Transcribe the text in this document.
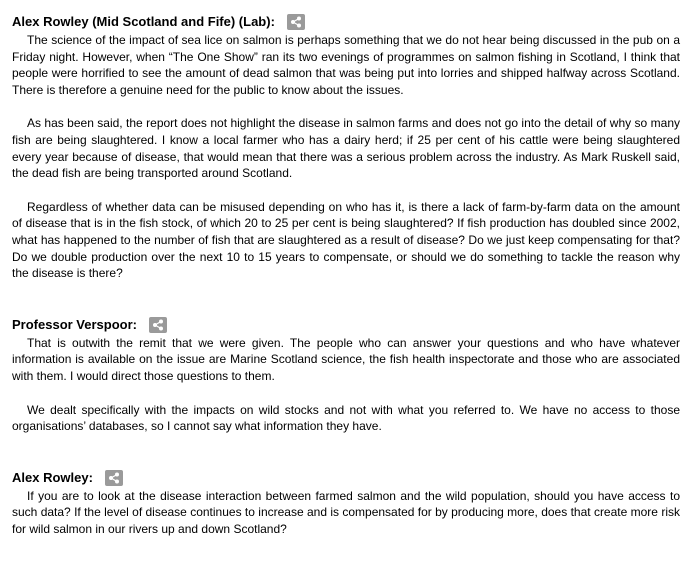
Alex Rowley (Mid Scotland and Fife) (Lab):

The science of the impact of sea lice on salmon is perhaps something that we do not hear being discussed in the pub on a Friday night. However, when “The One Show” ran its two evenings of programmes on salmon fishing in Scotland, I think that people were horrified to see the amount of dead salmon that was being put into lorries and shipped halfway across Scotland. There is therefore a genuine need for the public to know about the issues.

As has been said, the report does not highlight the disease in salmon farms and does not go into the detail of why so many fish are being slaughtered. I know a local farmer who has a dairy herd; if 25 per cent of his cattle were being slaughtered every year because of disease, that would mean that there was a serious problem across the industry. As Mark Ruskell said, the dead fish are being transported around Scotland.

Regardless of whether data can be misused depending on who has it, is there a lack of farm-by-farm data on the amount of disease that is in the fish stock, of which 20 to 25 per cent is being slaughtered? If fish production has doubled since 2002, what has happened to the number of fish that are slaughtered as a result of disease? Do we just keep compensating for that? Do we double production over the next 10 to 15 years to compensate, or should we do something to tackle the reason why the disease is there?

Professor Verspoor:

That is outwith the remit that we were given. The people who can answer your questions and who have whatever information is available on the issue are Marine Scotland science, the fish health inspectorate and those who are associated with them. I would direct those questions to them.

We dealt specifically with the impacts on wild stocks and not with what you referred to. We have no access to those organisations’ databases, so I cannot say what information they have.

Alex Rowley:

If you are to look at the disease interaction between farmed salmon and the wild population, should you have access to such data? If the level of disease continues to increase and is compensated for by producing more, does that create more risk for wild salmon in our rivers up and down Scotland?
